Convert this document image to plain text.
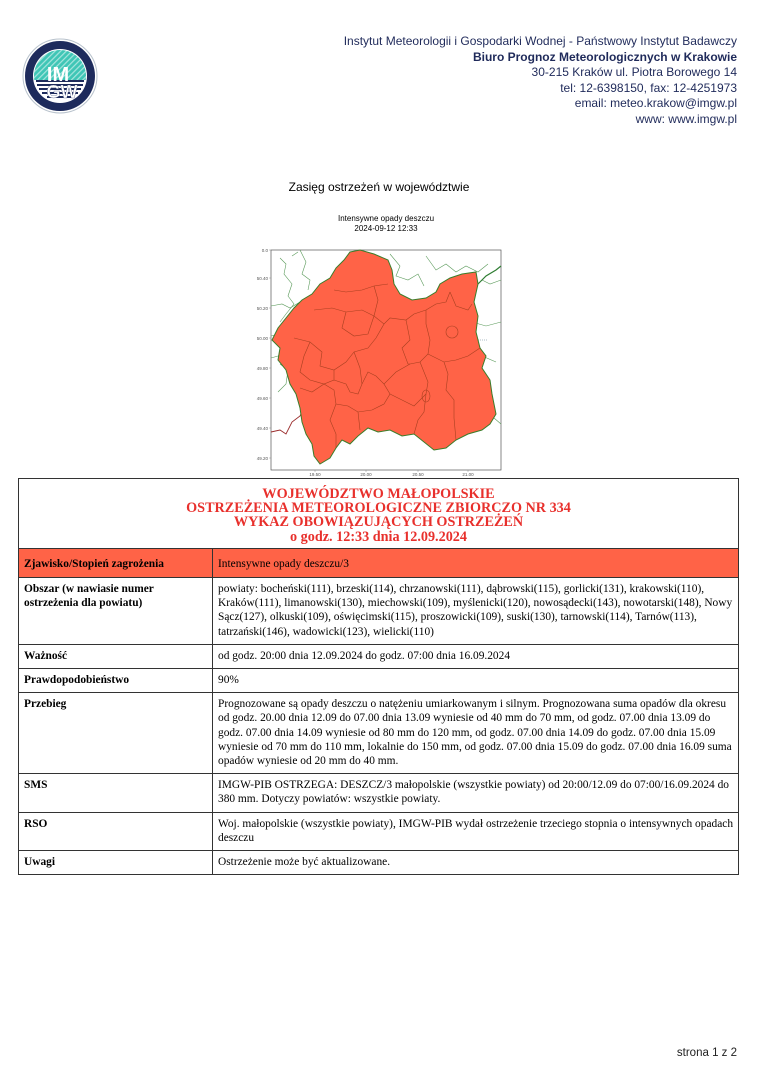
IM
GW
Instytut Meteorologii i Gospodarki Wodnej - Państwowy Instytut Badawczy
Biuro Prognoz Meteorologicznych w Krakowie
30-215 Kraków ul. Piotra Borowego 14
tel: 12-6398150, fax: 12-4251973
email: meteo.krakow@imgw.pl
www: www.imgw.pl
Zasięg ostrzeżeń w województwie
Intensywne opady deszczu
2024-09-12 12:33
0.0
50.40
50.20
50.00
49.80
49.60
49.40
49.20
19.50	20.00	20.50	21.00
WOJEWÓDZTWO MAŁOPOLSKIE
OSTRZEŻENIA METEOROLOGICZNE ZBIORCZO NR 334
WYKAZ OBOWIĄZUJĄCYCH OSTRZEŻEŃ
o godz. 12:33 dnia 12.09.2024	

Zjawisko/Stopień zagrożenia	Intensywne opady deszczu/3
Obszar (w nawiasie numer ostrzeżenia dla powiatu)	powiaty: bocheński(111), brzeski(114), chrzanowski(111), dąbrowski(115), gorlicki(131), krakowski(110), Kraków(111), limanowski(130), miechowski(109), myślenicki(120), nowosądecki(143), nowotarski(148), Nowy Sącz(127), olkuski(109), oświęcimski(115), proszowicki(109), suski(130), tarnowski(114), Tarnów(113), tatrzański(146), wadowicki(123), wielicki(110)
Ważność	od godz. 20:00 dnia 12.09.2024 do godz. 07:00 dnia 16.09.2024
Prawdopodobieństwo	90%
Przebieg	Prognozowane są opady deszczu o natężeniu umiarkowanym i silnym. Prognozowana suma opadów dla okresu od godz. 20.00 dnia 12.09 do 07.00 dnia 13.09 wyniesie od 40 mm do 70 mm, od godz. 07.00 dnia 13.09 do godz. 07.00 dnia 14.09 wyniesie od 80 mm do 120 mm, od godz. 07.00 dnia 14.09 do godz. 07.00 dnia 15.09 wyniesie od 70 mm do 110 mm, lokalnie do 150 mm, od godz. 07.00 dnia 15.09 do godz. 07.00 dnia 16.09 suma opadów wyniesie od 20 mm do 40 mm.
SMS	IMGW-PIB OSTRZEGA: DESZCZ/3 małopolskie (wszystkie powiaty) od 20:00/12.09 do 07:00/16.09.2024 do 380 mm. Dotyczy powiatów: wszystkie powiaty.
RSO	Woj. małopolskie (wszystkie powiaty), IMGW-PIB wydał ostrzeżenie trzeciego stopnia o intensywnych opadach deszczu
Uwagi	Ostrzeżenie może być aktualizowane.
strona 1 z 2
